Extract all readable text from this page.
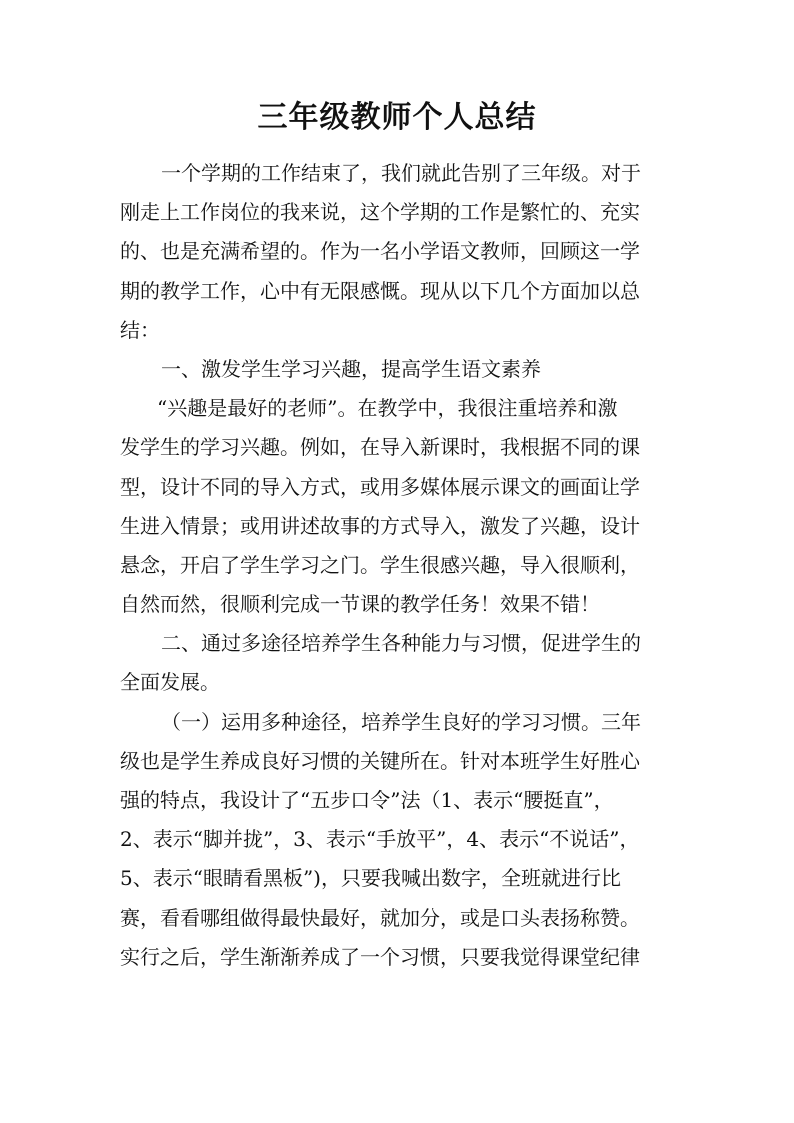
三年级教师个人总结
一个学期的工作结束了，我们就此告别了三年级。对于
刚走上工作岗位的我来说，这个学期的工作是繁忙的、充实
的、也是充满希望的。作为一名小学语文教师，回顾这一学
期的教学工作，心中有无限感慨。现从以下几个方面加以总
结：
一、激发学生学习兴趣，提高学生语文素养
“兴趣是最好的老师”。在教学中，我很注重培养和激
发学生的学习兴趣。例如，在导入新课时，我根据不同的课
型，设计不同的导入方式，或用多媒体展示课文的画面让学
生进入情景；或用讲述故事的方式导入，激发了兴趣，设计
悬念，开启了学生学习之门。学生很感兴趣，导入很顺利，
自然而然，很顺利完成一节课的教学任务！效果不错！
二、通过多途径培养学生各种能力与习惯，促进学生的
全面发展。
（一）运用多种途径，培养学生良好的学习习惯。三年
级也是学生养成良好习惯的关键所在。针对本班学生好胜心
强的特点，我设计了“五步口令”法（1、表示“腰挺直”，
2、表示“脚并拢”，3、表示“手放平”，4、表示“不说话”，
5、表示“眼睛看黑板”)，只要我喊出数字，全班就进行比
赛，看看哪组做得最快最好，就加分，或是口头表扬称赞。
实行之后，学生渐渐养成了一个习惯，只要我觉得课堂纪律
